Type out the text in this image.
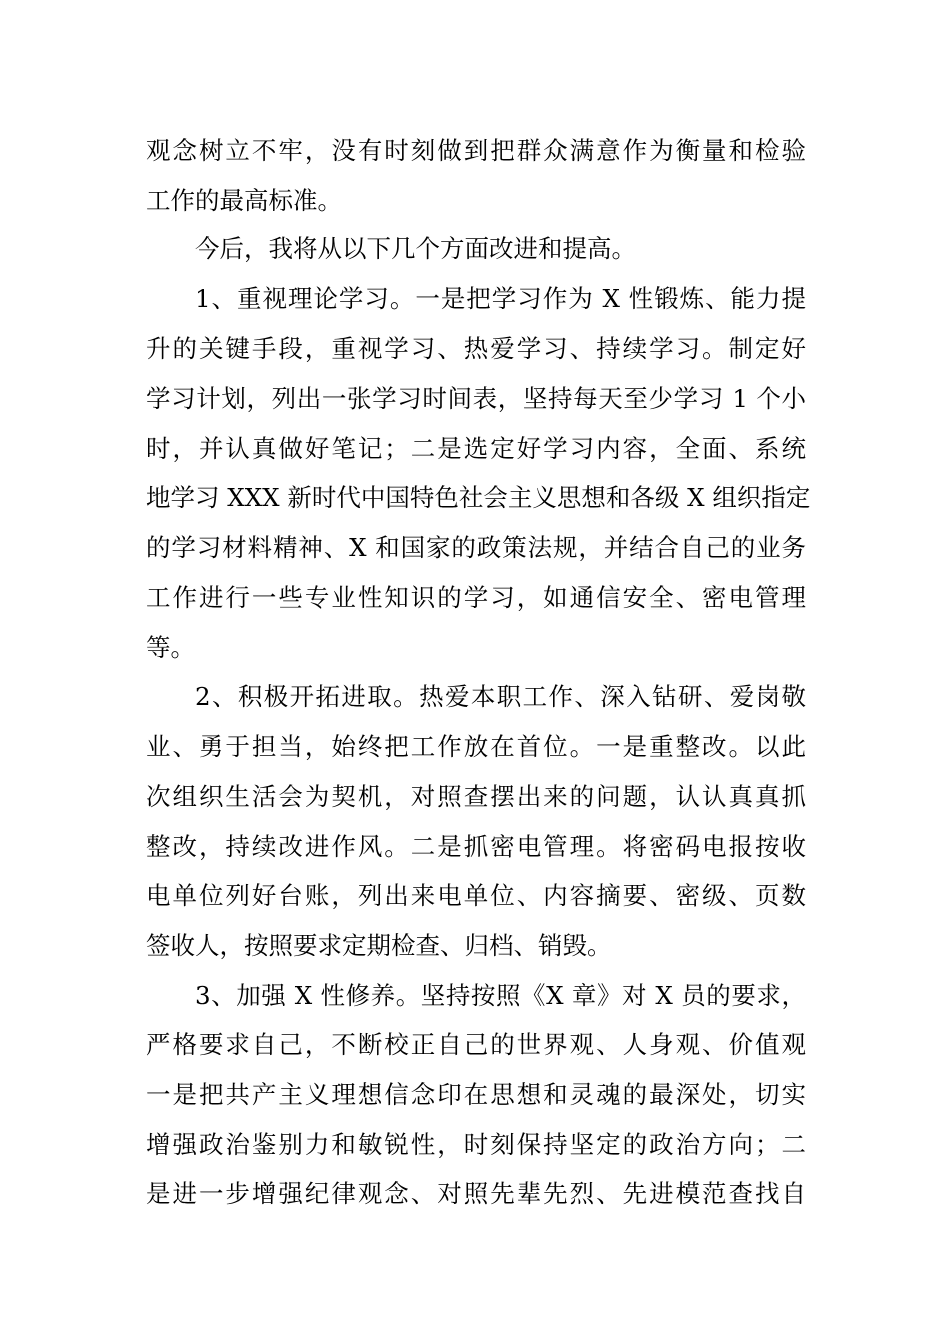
观念树立不牢，没有时刻做到把群众满意作为衡量和检验
工作的最高标准。
今后，我将从以下几个方面改进和提高。
1、重视理论学习。一是把学习作为 X 性锻炼、能力提
升的关键手段，重视学习、热爱学习、持续学习。制定好
学习计划，列出一张学习时间表，坚持每天至少学习 1 个小
时，并认真做好笔记；二是选定好学习内容，全面、系统
地学习 XXX 新时代中国特色社会主义思想和各级 X 组织指定
的学习材料精神、X 和国家的政策法规，并结合自己的业务
工作进行一些专业性知识的学习，如通信安全、密电管理
等。
2、积极开拓进取。热爱本职工作、深入钻研、爱岗敬
业、勇于担当，始终把工作放在首位。一是重整改。以此
次组织生活会为契机，对照查摆出来的问题，认认真真抓
整改，持续改进作风。二是抓密电管理。将密码电报按收
电单位列好台账，列出来电单位、内容摘要、密级、页数
签收人，按照要求定期检查、归档、销毁。
3、加强 X 性修养。坚持按照《X 章》对 X 员的要求，
严格要求自己，不断校正自己的世界观、人身观、价值观
一是把共产主义理想信念印在思想和灵魂的最深处，切实
增强政治鉴别力和敏锐性，时刻保持坚定的政治方向；二
是进一步增强纪律观念、对照先辈先烈、先进模范查找自
